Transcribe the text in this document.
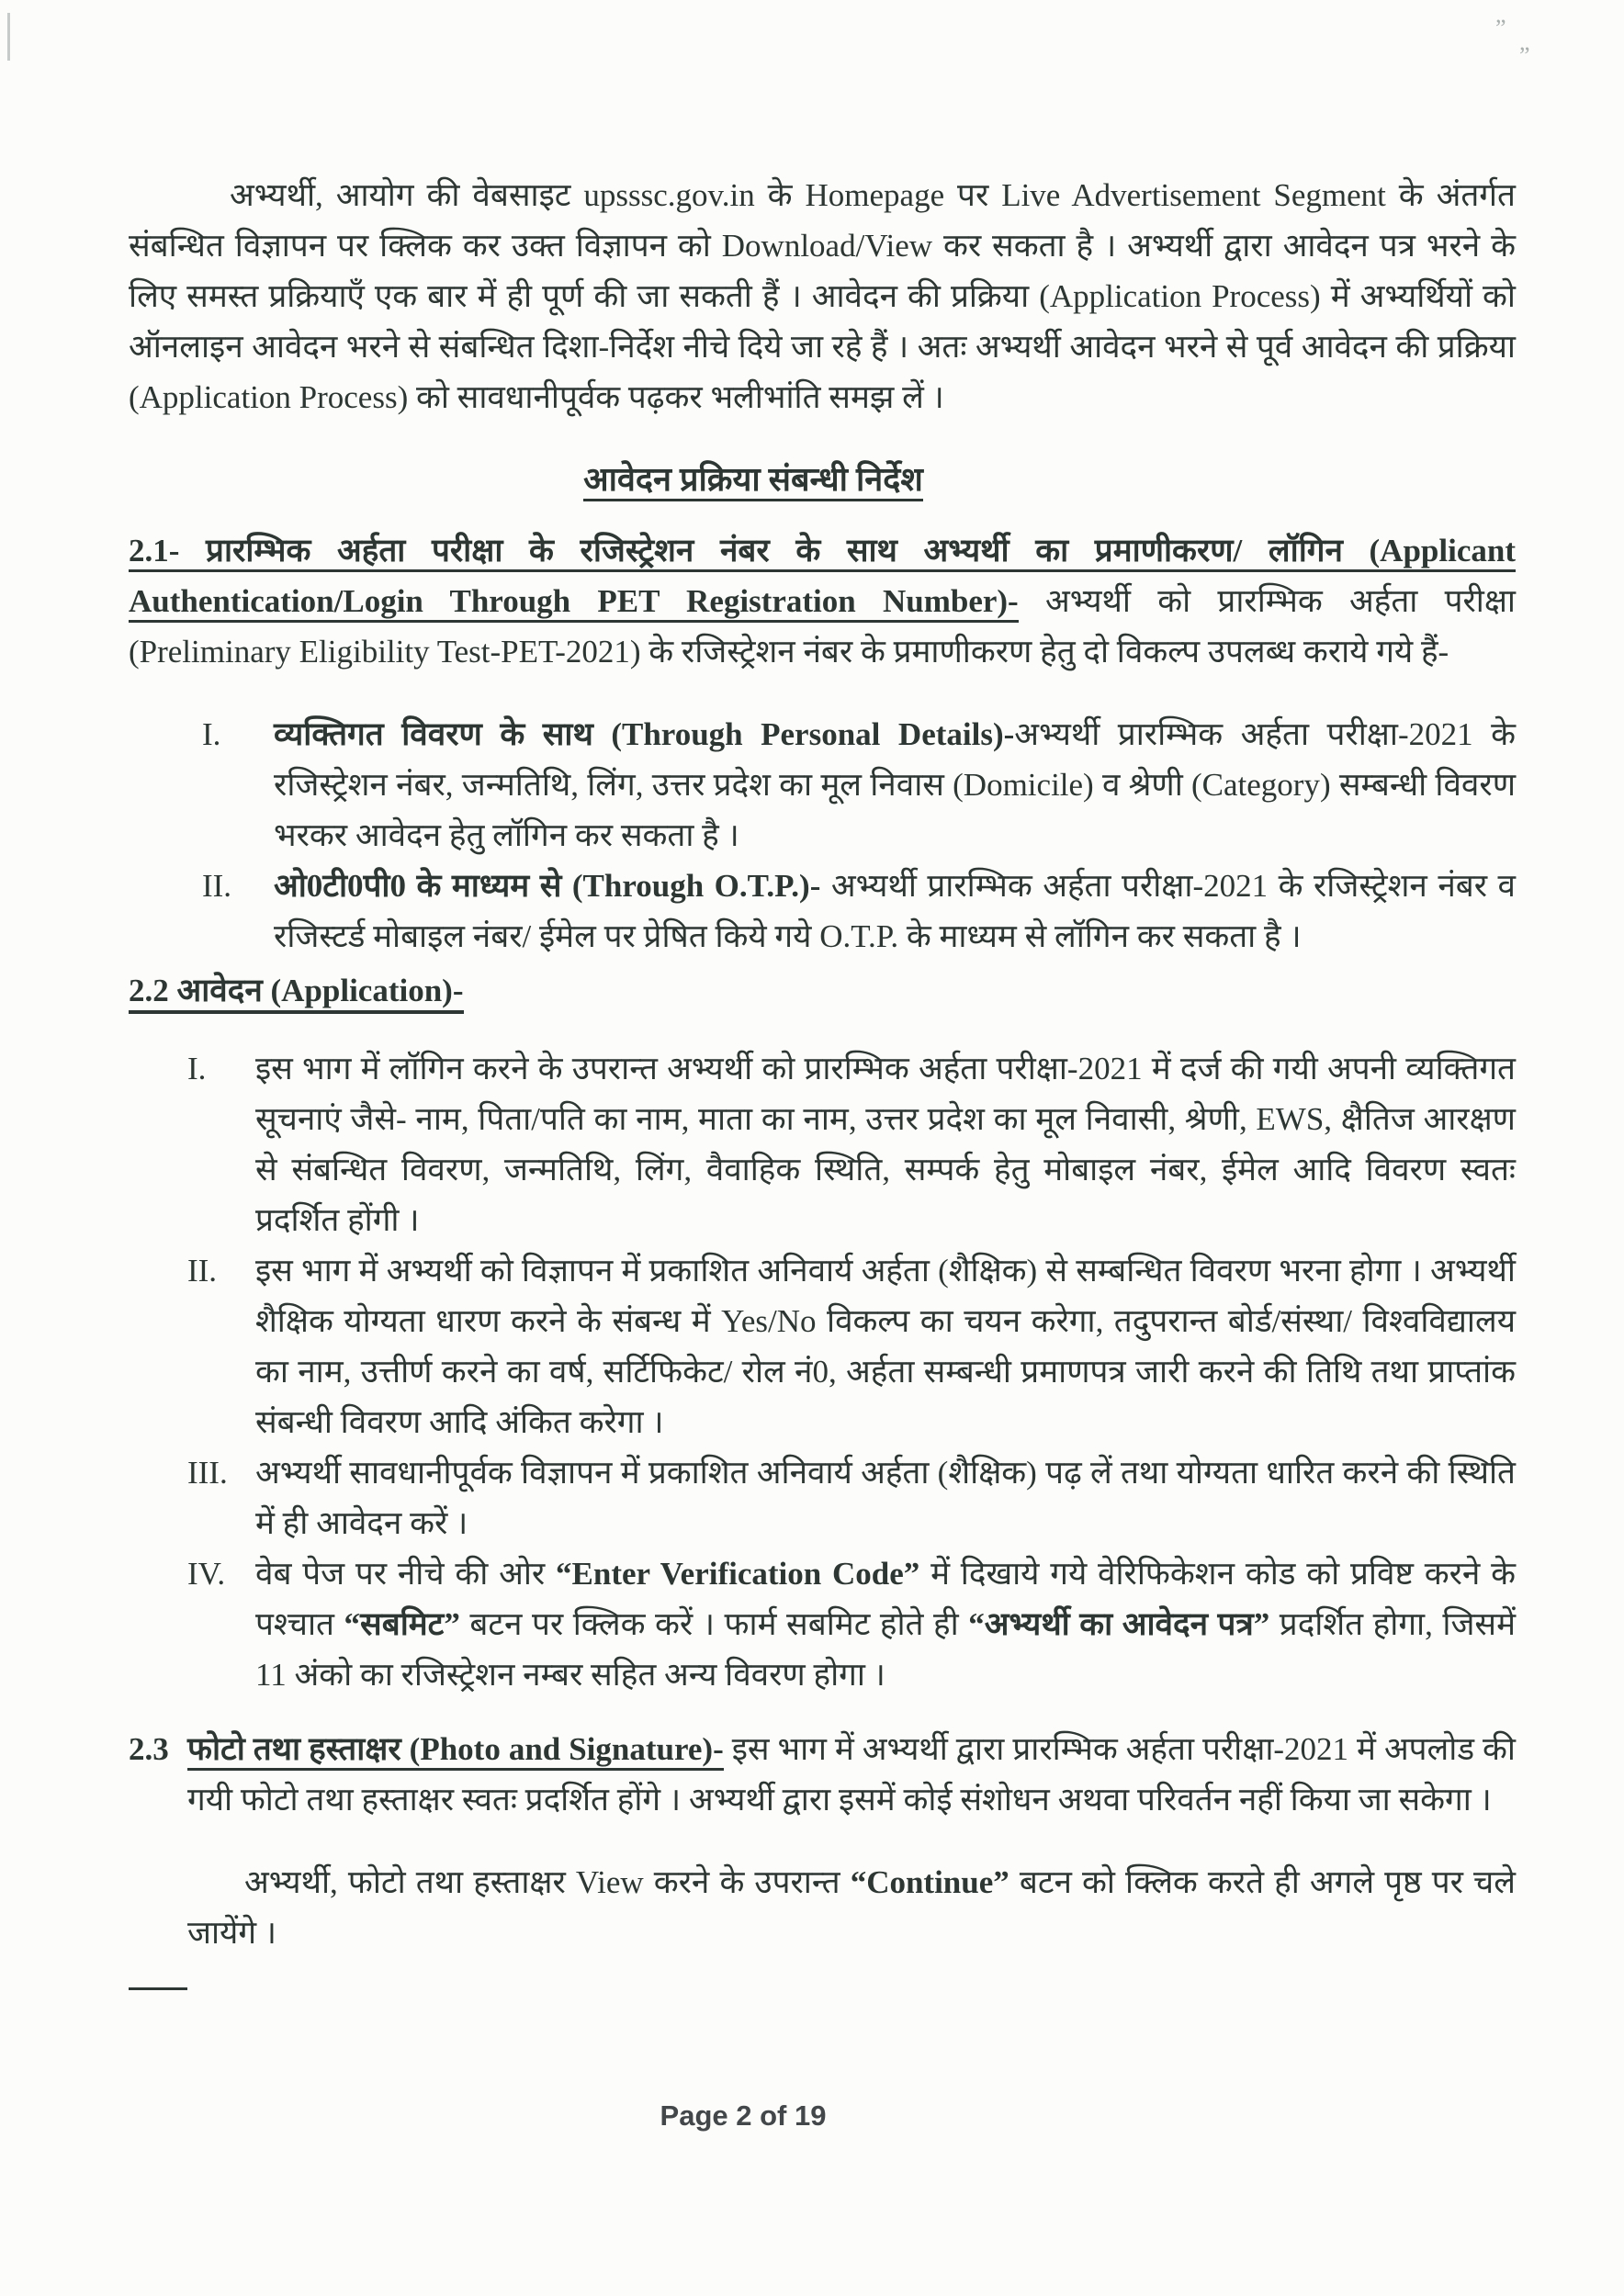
”
”

अभ्यर्थी, आयोग की वेबसाइट upsssc.gov.in के Homepage पर Live Advertisement Segment के अंतर्गत संबन्धित विज्ञापन पर क्लिक कर उक्त विज्ञापन को Download/View कर सकता है । अभ्यर्थी द्वारा आवेदन पत्र भरने के लिए समस्त प्रक्रियाएँ एक बार में ही पूर्ण की जा सकती हैं । आवेदन की प्रक्रिया (Application Process) में अभ्यर्थियों को ऑनलाइन आवेदन भरने से संबन्धित दिशा-निर्देश नीचे दिये जा रहे हैं । अतः अभ्यर्थी आवेदन भरने से पूर्व आवेदन की प्रक्रिया (Application Process) को सावधानीपूर्वक पढ़कर भलीभांति समझ लें ।

आवेदन प्रक्रिया संबन्धी निर्देश

2.1- प्रारम्भिक अर्हता परीक्षा के रजिस्ट्रेशन नंबर के साथ अभ्यर्थी का प्रमाणीकरण/ लॉगिन (Applicant Authentication/Login Through PET Registration Number)- अभ्यर्थी को प्रारम्भिक अर्हता परीक्षा (Preliminary Eligibility Test-PET-2021) के रजिस्ट्रेशन नंबर के प्रमाणीकरण हेतु दो विकल्प उपलब्ध कराये गये हैं-

I.	व्यक्तिगत विवरण के साथ (Through Personal Details)-अभ्यर्थी प्रारम्भिक अर्हता परीक्षा-2021 के रजिस्ट्रेशन नंबर, जन्मतिथि, लिंग, उत्तर प्रदेश का मूल निवास (Domicile) व श्रेणी (Category) सम्बन्धी विवरण भरकर आवेदन हेतु लॉगिन कर सकता है ।
II.	ओ0टी0पी0 के माध्यम से (Through O.T.P.)- अभ्यर्थी प्रारम्भिक अर्हता परीक्षा-2021 के रजिस्ट्रेशन नंबर व रजिस्टर्ड मोबाइल नंबर/ ईमेल पर प्रेषित किये गये O.T.P. के माध्यम से लॉगिन कर सकता है ।

2.2 आवेदन (Application)-

I.	इस भाग में लॉगिन करने के उपरान्त अभ्यर्थी को प्रारम्भिक अर्हता परीक्षा-2021 में दर्ज की गयी अपनी व्यक्तिगत सूचनाएं जैसे- नाम, पिता/पति का नाम, माता का नाम, उत्तर प्रदेश का मूल निवासी, श्रेणी, EWS, क्षैतिज आरक्षण से संबन्धित विवरण, जन्मतिथि, लिंग, वैवाहिक स्थिति, सम्पर्क हेतु मोबाइल नंबर, ईमेल आदि विवरण स्वतः प्रदर्शित होंगी ।
II.	इस भाग में अभ्यर्थी को विज्ञापन में प्रकाशित अनिवार्य अर्हता (शैक्षिक) से सम्बन्धित विवरण भरना होगा । अभ्यर्थी शैक्षिक योग्यता धारण करने के संबन्ध में Yes/No विकल्प का चयन करेगा, तदुपरान्त बोर्ड/संस्था/ विश्वविद्यालय का नाम, उत्तीर्ण करने का वर्ष, सर्टिफिकेट/ रोल नं0, अर्हता सम्बन्धी प्रमाणपत्र जारी करने की तिथि तथा प्राप्तांक संबन्धी विवरण आदि अंकित करेगा ।
III. अभ्यर्थी सावधानीपूर्वक विज्ञापन में प्रकाशित अनिवार्य अर्हता (शैक्षिक) पढ़ लें तथा योग्यता धारित करने की स्थिति में ही आवेदन करें ।
IV. वेब पेज पर नीचे की ओर “Enter Verification Code” में दिखाये गये वेरिफिकेशन कोड को प्रविष्ट करने के पश्चात “सबमिट” बटन पर क्लिक करें । फार्म सबमिट होते ही “अभ्यर्थी का आवेदन पत्र” प्रदर्शित होगा, जिसमें 11 अंको का रजिस्ट्रेशन नम्बर सहित अन्य विवरण होगा ।
2.3 फोटो तथा हस्ताक्षर (Photo and Signature)- इस भाग में अभ्यर्थी द्वारा प्रारम्भिक अर्हता परीक्षा-2021 में अपलोड की गयी फोटो तथा हस्ताक्षर स्वतः प्रदर्शित होंगे । अभ्यर्थी द्वारा इसमें कोई संशोधन अथवा परिवर्तन नहीं किया जा सकेगा ।

अभ्यर्थी, फोटो तथा हस्ताक्षर View करने के उपरान्त “Continue” बटन को क्लिक करते ही अगले पृष्ठ पर चले जायेंगे ।

Page 2 of 19
